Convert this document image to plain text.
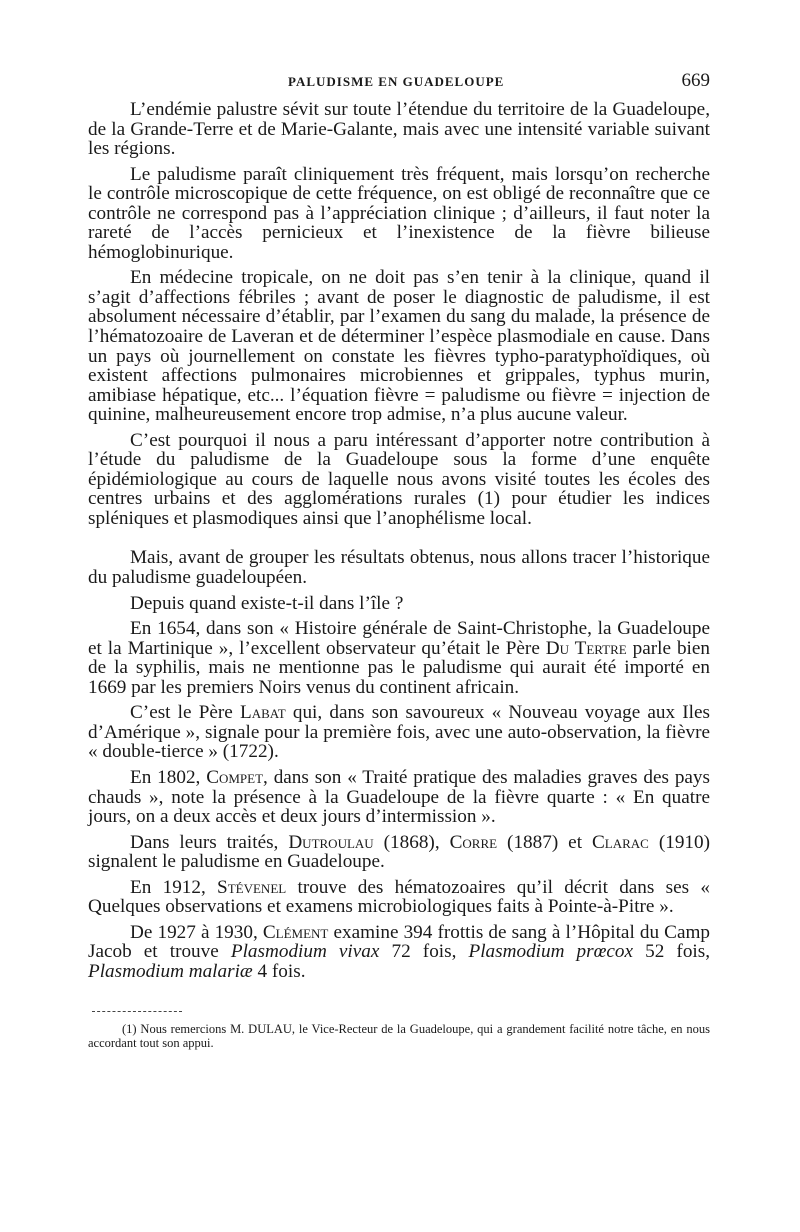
PALUDISME EN GUADELOUPE	669

L’endémie palustre sévit sur toute l’étendue du territoire de la Guadeloupe, de la Grande-Terre et de Marie-Galante, mais avec une intensité variable suivant les régions.

Le paludisme paraît cliniquement très fréquent, mais lorsqu’on recherche le contrôle microscopique de cette fréquence, on est obligé de reconnaître que ce contrôle ne correspond pas à l’appréciation clinique ; d’ailleurs, il faut noter la rareté de l’accès pernicieux et l’inexistence de la fièvre bilieuse hémoglobinurique.

En médecine tropicale, on ne doit pas s’en tenir à la clinique, quand il s’agit d’affections fébriles ; avant de poser le diagnostic de paludisme, il est absolument nécessaire d’établir, par l’examen du sang du malade, la présence de l’hématozoaire de Laveran et de déterminer l’espèce plasmodiale en cause. Dans un pays où journellement on constate les fièvres typho-paratyphoïdiques, où existent affections pulmonaires microbiennes et grippales, typhus murin, amibiase hépatique, etc... l’équation fièvre = paludisme ou fièvre = injection de quinine, malheureusement encore trop admise, n’a plus aucune valeur.

C’est pourquoi il nous a paru intéressant d’apporter notre contribution à l’étude du paludisme de la Guadeloupe sous la forme d’une enquête épidémiologique au cours de laquelle nous avons visité toutes les écoles des centres urbains et des agglomérations rurales (1) pour étudier les indices spléniques et plasmodiques ainsi que l’anophélisme local.

Mais, avant de grouper les résultats obtenus, nous allons tracer l’historique du paludisme guadeloupéen.

Depuis quand existe-t-il dans l’île ?

En 1654, dans son « Histoire générale de Saint-Christophe, la Guadeloupe et la Martinique », l’excellent observateur qu’était le Père Du Tertre parle bien de la syphilis, mais ne mentionne pas le paludisme qui aurait été importé en 1669 par les premiers Noirs venus du continent africain.

C’est le Père Labat qui, dans son savoureux « Nouveau voyage aux Iles d’Amérique », signale pour la première fois, avec une auto-observation, la fièvre « double-tierce » (1722).

En 1802, Compet, dans son « Traité pratique des maladies graves des pays chauds », note la présence à la Guadeloupe de la fièvre quarte : « En quatre jours, on a deux accès et deux jours d’intermission ».

Dans leurs traités, Dutroulau (1868), Corre (1887) et Clarac (1910) signalent le paludisme en Guadeloupe.

En 1912, Stévenel trouve des hématozoaires qu’il décrit dans ses « Quelques observations et examens microbiologiques faits à Pointe-à-Pitre ».

De 1927 à 1930, Clément examine 394 frottis de sang à l’Hôpital du Camp Jacob et trouve Plasmodium vivax 72 fois, Plasmodium prœcox 52 fois, Plasmodium malariæ 4 fois.

(1) Nous remercions M. DULAU, le Vice-Recteur de la Guadeloupe, qui a grandement facilité notre tâche, en nous accordant tout son appui.
